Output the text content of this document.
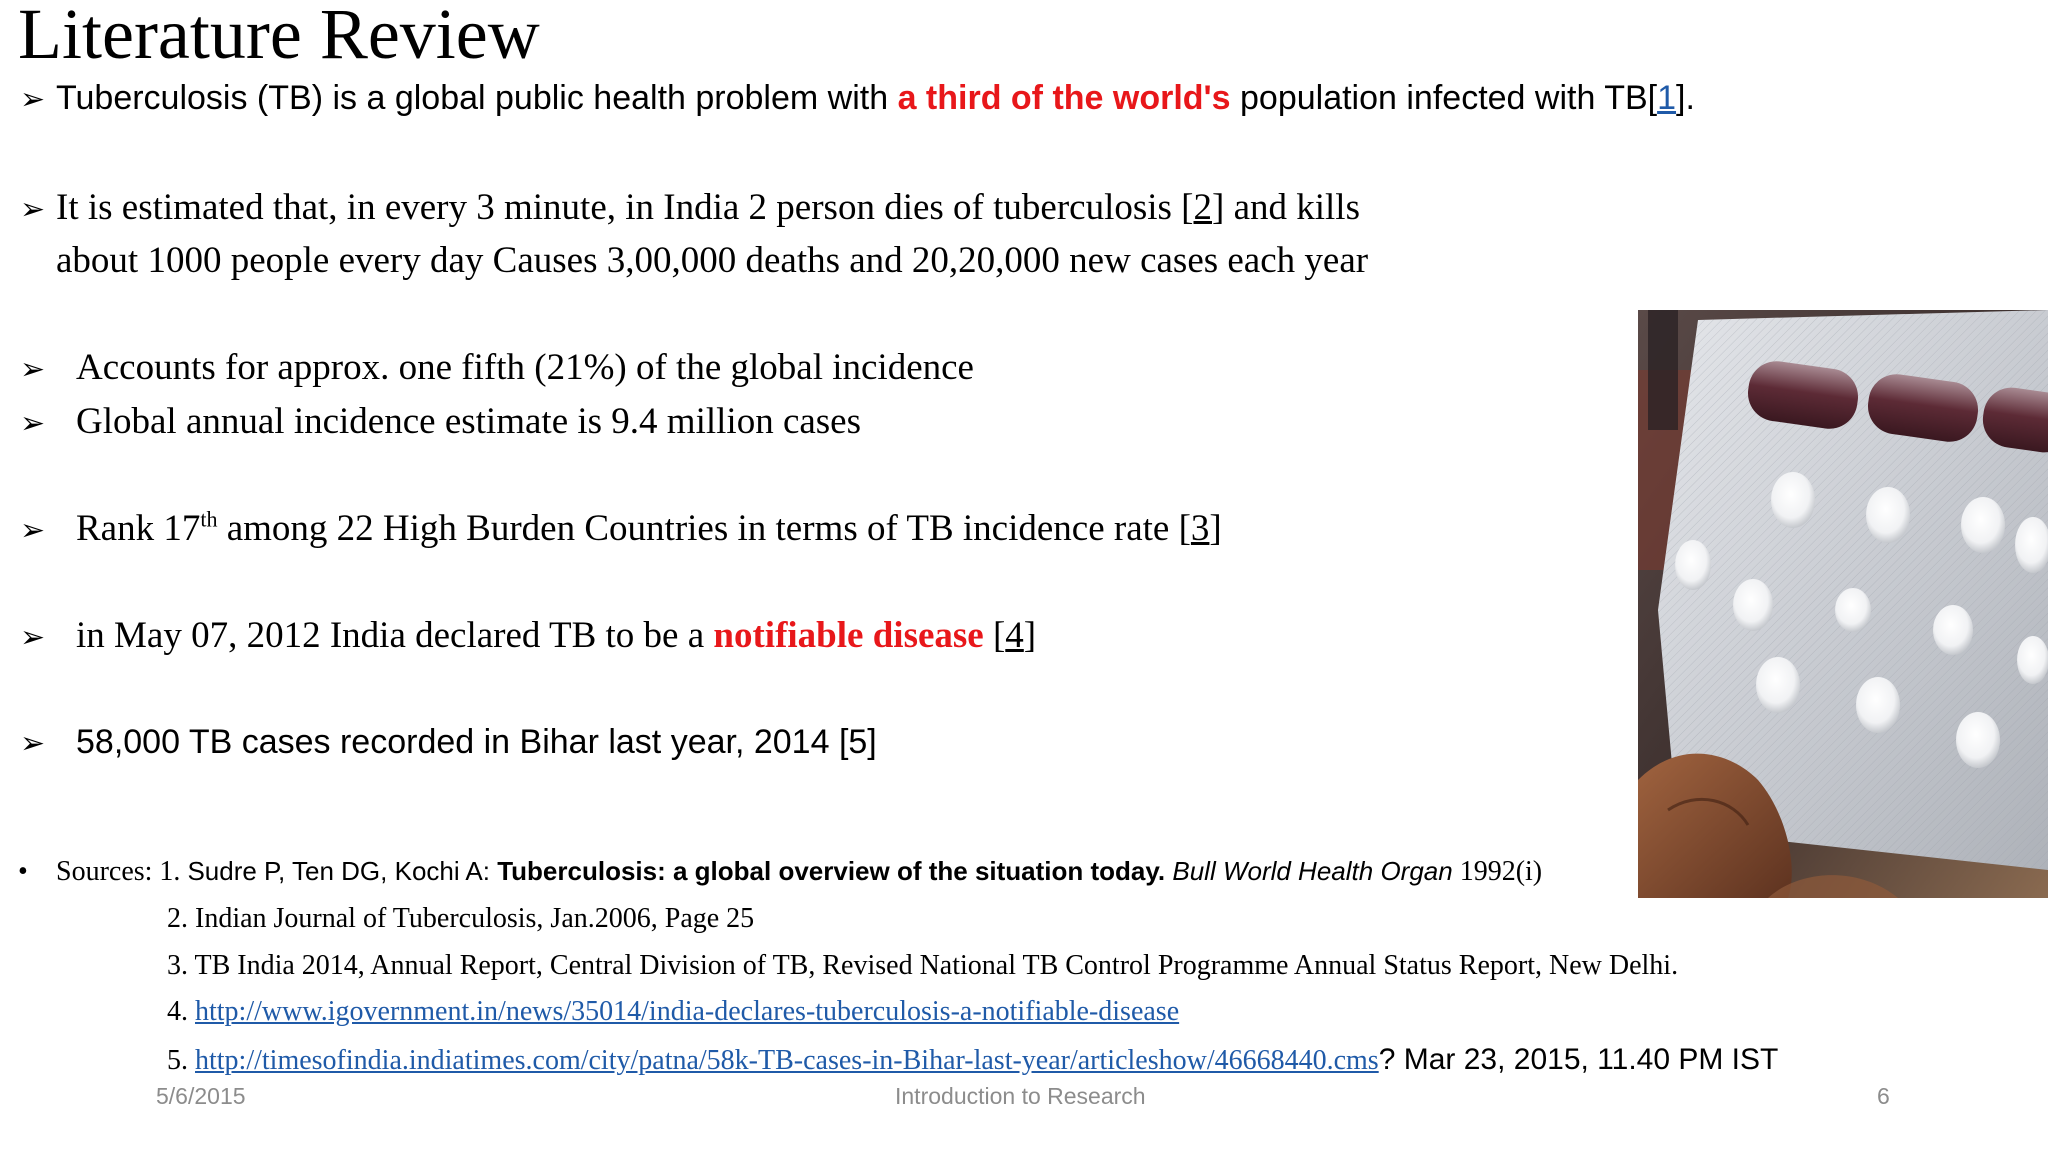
Literature Review
➢ Tuberculosis (TB) is a global public health problem with a third of the world's population infected with TB[1].
➢ It is estimated that, in every 3 minute, in India 2 person dies of tuberculosis [2] and kills
about 1000 people every day Causes 3,00,000 deaths and 20,20,000 new cases each year
➢ Accounts for approx. one fifth (21%) of the global incidence
➢ Global annual incidence estimate is 9.4 million cases
➢ Rank 17th among 22 High Burden Countries in terms of TB incidence rate [3]
➢ in May 07, 2012 India declared TB to be a notifiable disease [4]
➢ 58,000 TB cases recorded in Bihar last year, 2014 [5]
• Sources: 1. Sudre P, Ten DG, Kochi A: Tuberculosis: a global overview of the situation today. Bull World Health Organ 1992(i)
2. Indian Journal of Tuberculosis, Jan.2006, Page 25
3. TB India 2014, Annual Report, Central Division of TB, Revised National TB Control Programme Annual Status Report, New Delhi.
4. http://www.igovernment.in/news/35014/india-declares-tuberculosis-a-notifiable-disease
5. http://timesofindia.indiatimes.com/city/patna/58k-TB-cases-in-Bihar-last-year/articleshow/46668440.cms? Mar 23, 2015, 11.40 PM IST
5/6/2015	Introduction to Research	6
